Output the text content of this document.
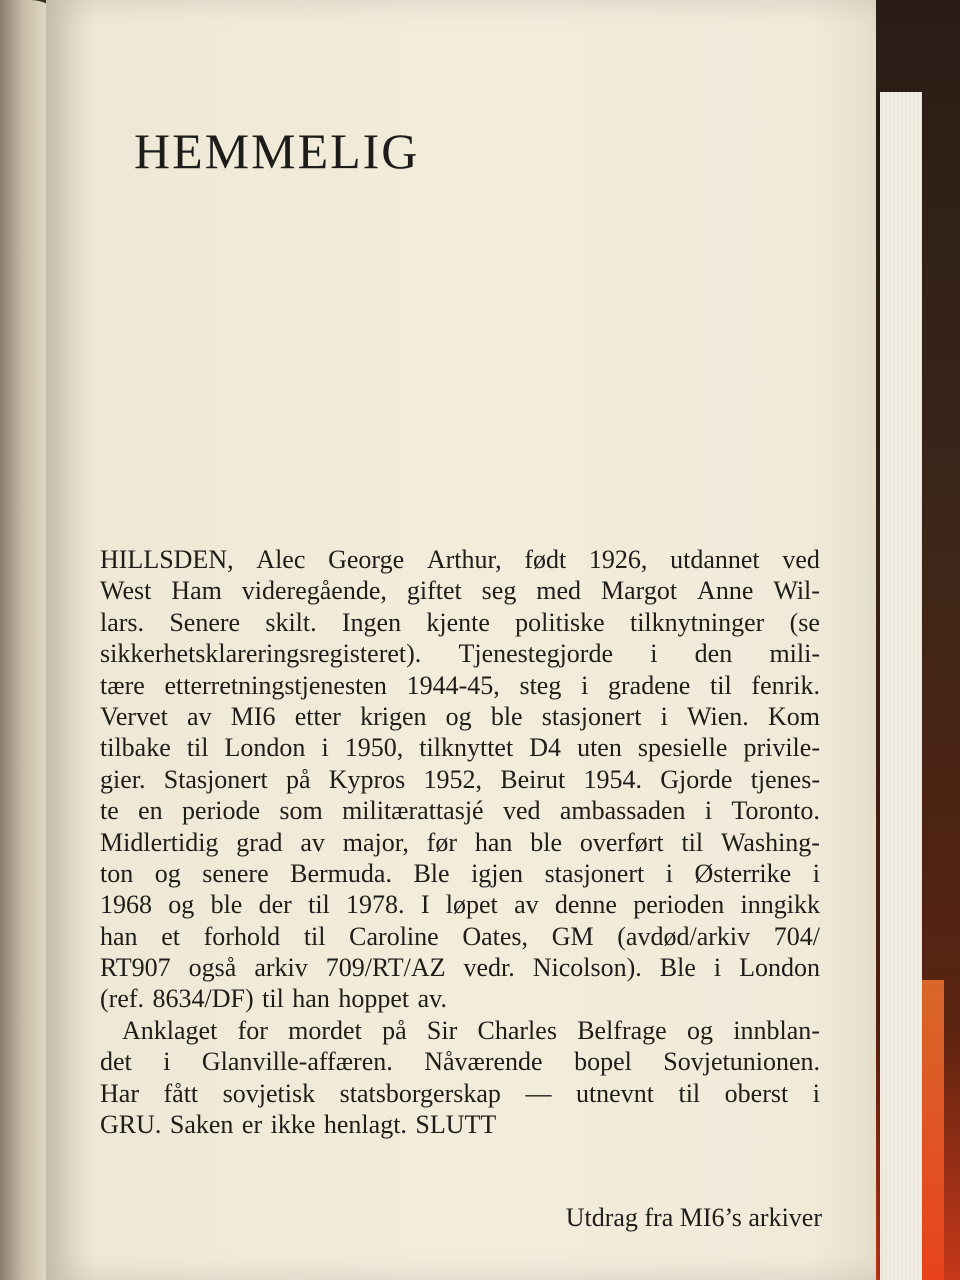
HEMMELIG
HILLSDEN, Alec George Arthur, født 1926, utdannet ved
West Ham videregående, giftet seg med Margot Anne Wil-
lars. Senere skilt. Ingen kjente politiske tilknytninger (se
sikkerhetsklareringsregisteret). Tjenestegjorde i den mili-
tære etterretningstjenesten 1944-45, steg i gradene til fenrik.
Vervet av MI6 etter krigen og ble stasjonert i Wien. Kom
tilbake til London i 1950, tilknyttet D4 uten spesielle privile-
gier. Stasjonert på Kypros 1952, Beirut 1954. Gjorde tjenes-
te en periode som militærattasjé ved ambassaden i Toronto.
Midlertidig grad av major, før han ble overført til Washing-
ton og senere Bermuda. Ble igjen stasjonert i Østerrike i
1968 og ble der til 1978. I løpet av denne perioden inngikk
han et forhold til Caroline Oates, GM (avdød/arkiv 704/
RT907 også arkiv 709/RT/AZ vedr. Nicolson). Ble i London
(ref. 8634/DF) til han hoppet av.
Anklaget for mordet på Sir Charles Belfrage og innblan-
det i Glanville-affæren. Nåværende bopel Sovjetunionen.
Har fått sovjetisk statsborgerskap — utnevnt til oberst i
GRU. Saken er ikke henlagt. SLUTT
Utdrag fra MI6’s arkiver
